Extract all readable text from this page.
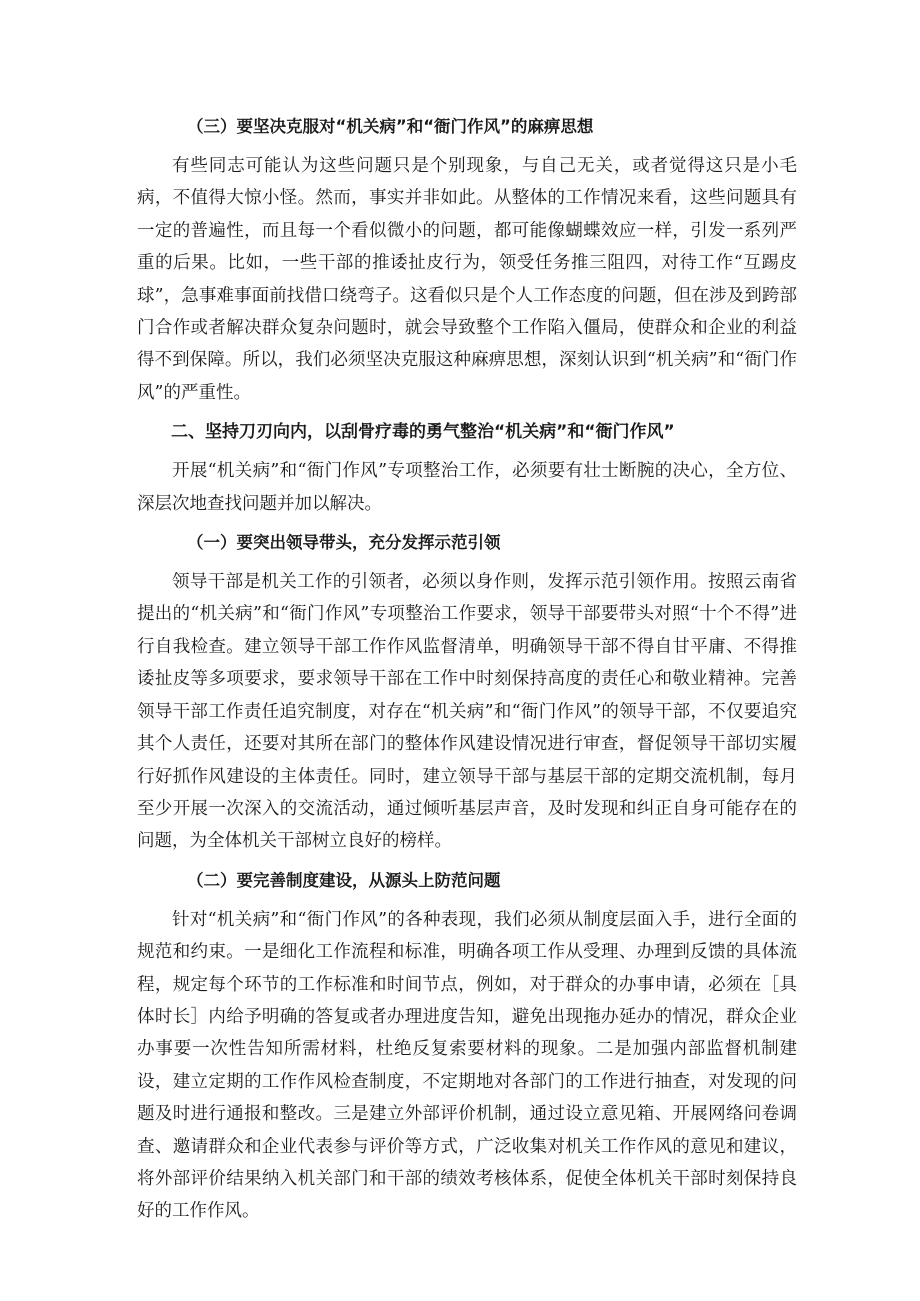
（三）要坚决克服对“机关病”和“衙门作风”的麻痹思想

有些同志可能认为这些问题只是个别现象，与自己无关，或者觉得这只是小毛病，不值得大惊小怪。然而，事实并非如此。从整体的工作情况来看，这些问题具有一定的普遍性，而且每一个看似微小的问题，都可能像蝴蝶效应一样，引发一系列严重的后果。比如，一些干部的推诿扯皮行为，领受任务推三阻四，对待工作“互踢皮球”，急事难事面前找借口绕弯子。这看似只是个人工作态度的问题，但在涉及到跨部门合作或者解决群众复杂问题时，就会导致整个工作陷入僵局，使群众和企业的利益得不到保障。所以，我们必须坚决克服这种麻痹思想，深刻认识到“机关病”和“衙门作风”的严重性。

二、坚持刀刃向内，以刮骨疗毒的勇气整治“机关病”和“衙门作风”

开展“机关病”和“衙门作风”专项整治工作，必须要有壮士断腕的决心，全方位、深层次地查找问题并加以解决。

（一）要突出领导带头，充分发挥示范引领

领导干部是机关工作的引领者，必须以身作则，发挥示范引领作用。按照云南省提出的“机关病”和“衙门作风”专项整治工作要求，领导干部要带头对照“十个不得”进行自我检查。建立领导干部工作作风监督清单，明确领导干部不得自甘平庸、不得推诿扯皮等多项要求，要求领导干部在工作中时刻保持高度的责任心和敬业精神。完善领导干部工作责任追究制度，对存在“机关病”和“衙门作风”的领导干部，不仅要追究其个人责任，还要对其所在部门的整体作风建设情况进行审查，督促领导干部切实履行好抓作风建设的主体责任。同时，建立领导干部与基层干部的定期交流机制，每月至少开展一次深入的交流活动，通过倾听基层声音，及时发现和纠正自身可能存在的问题，为全体机关干部树立良好的榜样。

（二）要完善制度建设，从源头上防范问题

针对“机关病”和“衙门作风”的各种表现，我们必须从制度层面入手，进行全面的规范和约束。一是细化工作流程和标准，明确各项工作从受理、办理到反馈的具体流程，规定每个环节的工作标准和时间节点，例如，对于群众的办事申请，必须在［具体时长］内给予明确的答复或者办理进度告知，避免出现拖办延办的情况，群众企业办事要一次性告知所需材料，杜绝反复索要材料的现象。二是加强内部监督机制建设，建立定期的工作作风检查制度，不定期地对各部门的工作进行抽查，对发现的问题及时进行通报和整改。三是建立外部评价机制，通过设立意见箱、开展网络问卷调查、邀请群众和企业代表参与评价等方式，广泛收集对机关工作作风的意见和建议，将外部评价结果纳入机关部门和干部的绩效考核体系，促使全体机关干部时刻保持良好的工作作风。
